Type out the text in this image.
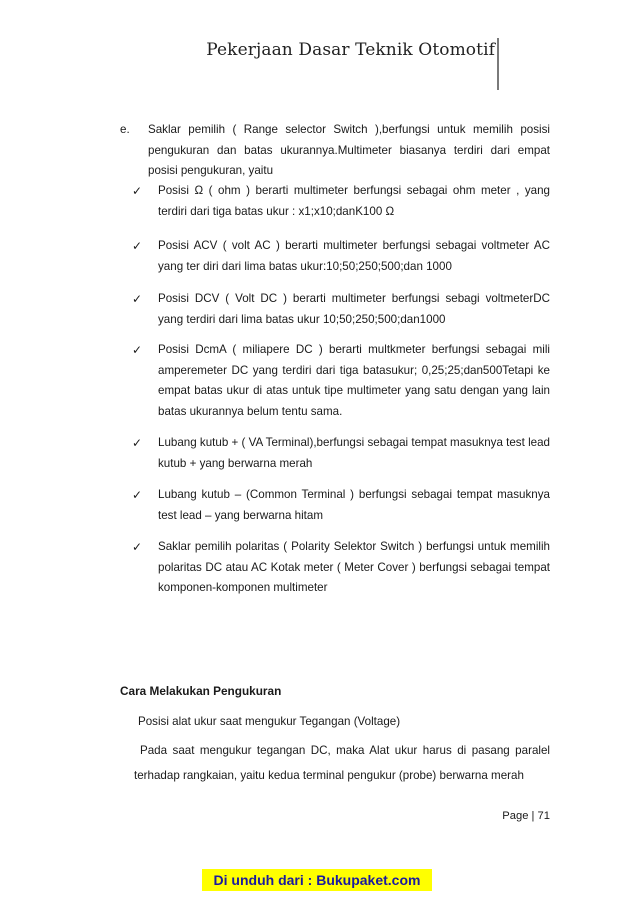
Pekerjaan Dasar Teknik Otomotif
e. Saklar pemilih ( Range selector Switch ),berfungsi untuk memilih posisi pengukuran dan batas ukurannya.Multimeter biasanya terdiri dari empat posisi pengukuran, yaitu
✓ Posisi Ω ( ohm ) berarti multimeter berfungsi sebagai ohm meter , yang terdiri dari tiga batas ukur : x1;x10;danK100 Ω
✓ Posisi ACV ( volt AC ) berarti multimeter berfungsi sebagai voltmeter AC yang ter diri dari lima batas ukur:10;50;250;500;dan 1000
✓ Posisi DCV ( Volt DC ) berarti multimeter berfungsi sebagi voltmeterDC yang terdiri dari lima batas ukur 10;50;250;500;dan1000
✓ Posisi DcmA ( miliapere DC ) berarti multkmeter berfungsi sebagai mili amperemeter DC yang terdiri dari tiga batasukur; 0,25;25;dan500Tetapi ke empat batas ukur di atas untuk tipe multimeter yang satu dengan yang lain batas ukurannya belum tentu sama.
✓ Lubang kutub + ( VA Terminal),berfungsi sebagai tempat masuknya test lead kutub + yang berwarna merah
✓ Lubang kutub – (Common Terminal ) berfungsi sebagai tempat masuknya test lead – yang berwarna hitam
✓ Saklar pemilih polaritas ( Polarity Selektor Switch ) berfungsi untuk memilih polaritas DC atau AC Kotak meter ( Meter Cover ) berfungsi sebagai tempat komponen-komponen multimeter
Cara Melakukan Pengukuran
Posisi alat ukur saat mengukur Tegangan (Voltage)
Pada saat mengukur tegangan DC, maka Alat ukur harus di pasang paralel terhadap rangkaian, yaitu kedua terminal pengukur (probe) berwarna merah
Page | 71
Di unduh dari : Bukupaket.com
